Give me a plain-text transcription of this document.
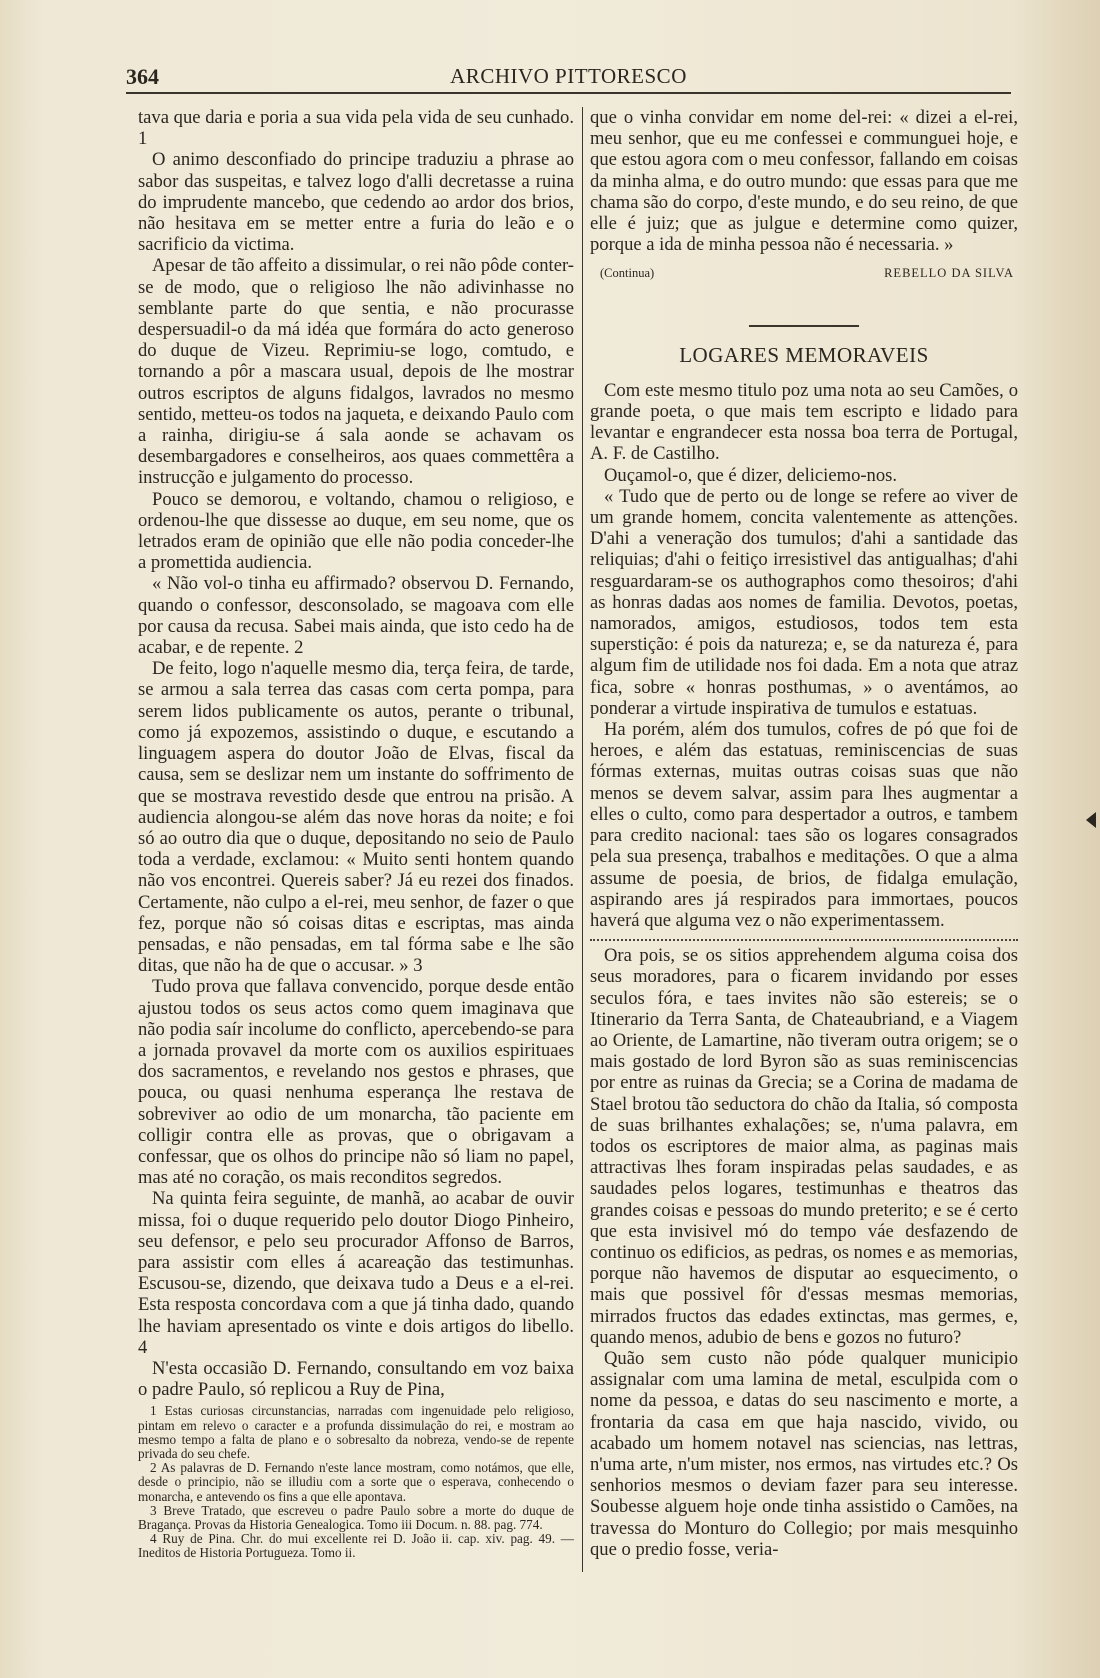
364	ARCHIVO PITTORESCO

tava que daria e poria a sua vida pela vida de seu cunhado. 1

O animo desconfiado do principe traduziu a phrase ao sabor das suspeitas, e talvez logo d'alli decretasse a ruina do imprudente mancebo, que cedendo ao ardor dos brios, não hesitava em se metter entre a furia do leão e o sacrificio da victima.

Apesar de tão affeito a dissimular, o rei não pôde conter-se de modo, que o religioso lhe não adivinhasse no semblante parte do que sentia, e não procurasse despersuadil-o da má idéa que formára do acto generoso do duque de Vizeu. Reprimiu-se logo, comtudo, e tornando a pôr a mascara usual, depois de lhe mostrar outros escriptos de alguns fidalgos, lavrados no mesmo sentido, metteu-os todos na jaqueta, e deixando Paulo com a rainha, dirigiu-se á sala aonde se achavam os desembargadores e conselheiros, aos quaes commettêra a instrucção e julgamento do processo.

Pouco se demorou, e voltando, chamou o religioso, e ordenou-lhe que dissesse ao duque, em seu nome, que os letrados eram de opinião que elle não podia conceder-lhe a promettida audiencia.

« Não vol-o tinha eu affirmado? observou D. Fernando, quando o confessor, desconsolado, se magoava com elle por causa da recusa. Sabei mais ainda, que isto cedo ha de acabar, e de repente. 2

De feito, logo n'aquelle mesmo dia, terça feira, de tarde, se armou a sala terrea das casas com certa pompa, para serem lidos publicamente os autos, perante o tribunal, como já expozemos, assistindo o duque, e escutando a linguagem aspera do doutor João de Elvas, fiscal da causa, sem se deslizar nem um instante do soffrimento de que se mostrava revestido desde que entrou na prisão. A audiencia alongou-se além das nove horas da noite; e foi só ao outro dia que o duque, depositando no seio de Paulo toda a verdade, exclamou: « Muito senti hontem quando não vos encontrei. Quereis saber? Já eu rezei dos finados. Certamente, não culpo a el-rei, meu senhor, de fazer o que fez, porque não só coisas ditas e escriptas, mas ainda pensadas, e não pensadas, em tal fórma sabe e lhe são ditas, que não ha de que o accusar. » 3

Tudo prova que fallava convencido, porque desde então ajustou todos os seus actos como quem imaginava que não podia saír incolume do conflicto, apercebendo-se para a jornada provavel da morte com os auxilios espirituaes dos sacramentos, e revelando nos gestos e phrases, que pouca, ou quasi nenhuma esperança lhe restava de sobreviver ao odio de um monarcha, tão paciente em colligir contra elle as provas, que o obrigavam a confessar, que os olhos do principe não só liam no papel, mas até no coração, os mais reconditos segredos.

Na quinta feira seguinte, de manhã, ao acabar de ouvir missa, foi o duque requerido pelo doutor Diogo Pinheiro, seu defensor, e pelo seu procurador Affonso de Barros, para assistir com elles á acareação das testimunhas. Escusou-se, dizendo, que deixava tudo a Deus e a el-rei. Esta resposta concordava com a que já tinha dado, quando lhe haviam apresentado os vinte e dois artigos do libello. 4

N'esta occasião D. Fernando, consultando em voz baixa o padre Paulo, só replicou a Ruy de Pina,

1 Estas curiosas circunstancias, narradas com ingenuidade pelo religioso, pintam em relevo o caracter e a profunda dissimulação do rei, e mostram ao mesmo tempo a falta de plano e o sobresalto da nobreza, vendo-se de repente privada do seu chefe.

2 As palavras de D. Fernando n'este lance mostram, como notámos, que elle, desde o principio, não se illudiu com a sorte que o esperava, conhecendo o monarcha, e antevendo os fins a que elle apontava.

3 Breve Tratado, que escreveu o padre Paulo sobre a morte do duque de Bragança. Provas da Historia Genealogica. Tomo iii Docum. n. 88. pag. 774.

4 Ruy de Pina. Chr. do mui excellente rei D. João ii. cap. xiv. pag. 49. — Ineditos de Historia Portugueza. Tomo ii.

que o vinha convidar em nome del-rei: « dizei a el-rei, meu senhor, que eu me confessei e communguei hoje, e que estou agora com o meu confessor, fallando em coisas da minha alma, e do outro mundo: que essas para que me chama são do corpo, d'este mundo, e do seu reino, de que elle é juiz; que as julgue e determine como quizer, porque a ida de minha pessoa não é necessaria. »

(Continua)	REBELLO DA SILVA
LOGARES MEMORAVEIS

Com este mesmo titulo poz uma nota ao seu Camões, o grande poeta, o que mais tem escripto e lidado para levantar e engrandecer esta nossa boa terra de Portugal, A. F. de Castilho.

Ouçamol-o, que é dizer, deliciemo-nos.

« Tudo que de perto ou de longe se refere ao viver de um grande homem, concita valentemente as attenções. D'ahi a veneração dos tumulos; d'ahi a santidade das reliquias; d'ahi o feitiço irresistivel das antigualhas; d'ahi resguardaram-se os authographos como thesoiros; d'ahi as honras dadas aos nomes de familia. Devotos, poetas, namorados, amigos, estudiosos, todos tem esta superstição: é pois da natureza; e, se da natureza é, para algum fim de utilidade nos foi dada. Em a nota que atraz fica, sobre « honras posthumas, » o aventámos, ao ponderar a virtude inspirativa de tumulos e estatuas.

Ha porém, além dos tumulos, cofres de pó que foi de heroes, e além das estatuas, reminiscencias de suas fórmas externas, muitas outras coisas suas que não menos se devem salvar, assim para lhes augmentar a elles o culto, como para despertador a outros, e tambem para credito nacional: taes são os logares consagrados pela sua presença, trabalhos e meditações. O que a alma assume de poesia, de brios, de fidalga emulação, aspirando ares já respirados para immortaes, poucos haverá que alguma vez o não experimentassem.

Ora pois, se os sitios apprehendem alguma coisa dos seus moradores, para o ficarem invidando por esses seculos fóra, e taes invites não são estereis; se o Itinerario da Terra Santa, de Chateaubriand, e a Viagem ao Oriente, de Lamartine, não tiveram outra origem; se o mais gostado de lord Byron são as suas reminiscencias por entre as ruinas da Grecia; se a Corina de madama de Stael brotou tão seductora do chão da Italia, só composta de suas brilhantes exhalações; se, n'uma palavra, em todos os escriptores de maior alma, as paginas mais attractivas lhes foram inspiradas pelas saudades, e as saudades pelos logares, testimunhas e theatros das grandes coisas e pessoas do mundo preterito; e se é certo que esta invisivel mó do tempo váe desfazendo de continuo os edificios, as pedras, os nomes e as memorias, porque não havemos de disputar ao esquecimento, o mais que possivel fôr d'essas mesmas memorias, mirrados fructos das edades extinctas, mas germes, e, quando menos, adubio de bens e gozos no futuro?

Quão sem custo não póde qualquer municipio assignalar com uma lamina de metal, esculpida com o nome da pessoa, e datas do seu nascimento e morte, a frontaria da casa em que haja nascido, vivido, ou acabado um homem notavel nas sciencias, nas lettras, n'uma arte, n'um mister, nos ermos, nas virtudes etc.? Os senhorios mesmos o deviam fazer para seu interesse. Soubesse alguem hoje onde tinha assistido o Camões, na travessa do Monturo do Collegio; por mais mesquinho que o predio fosse, veria-
